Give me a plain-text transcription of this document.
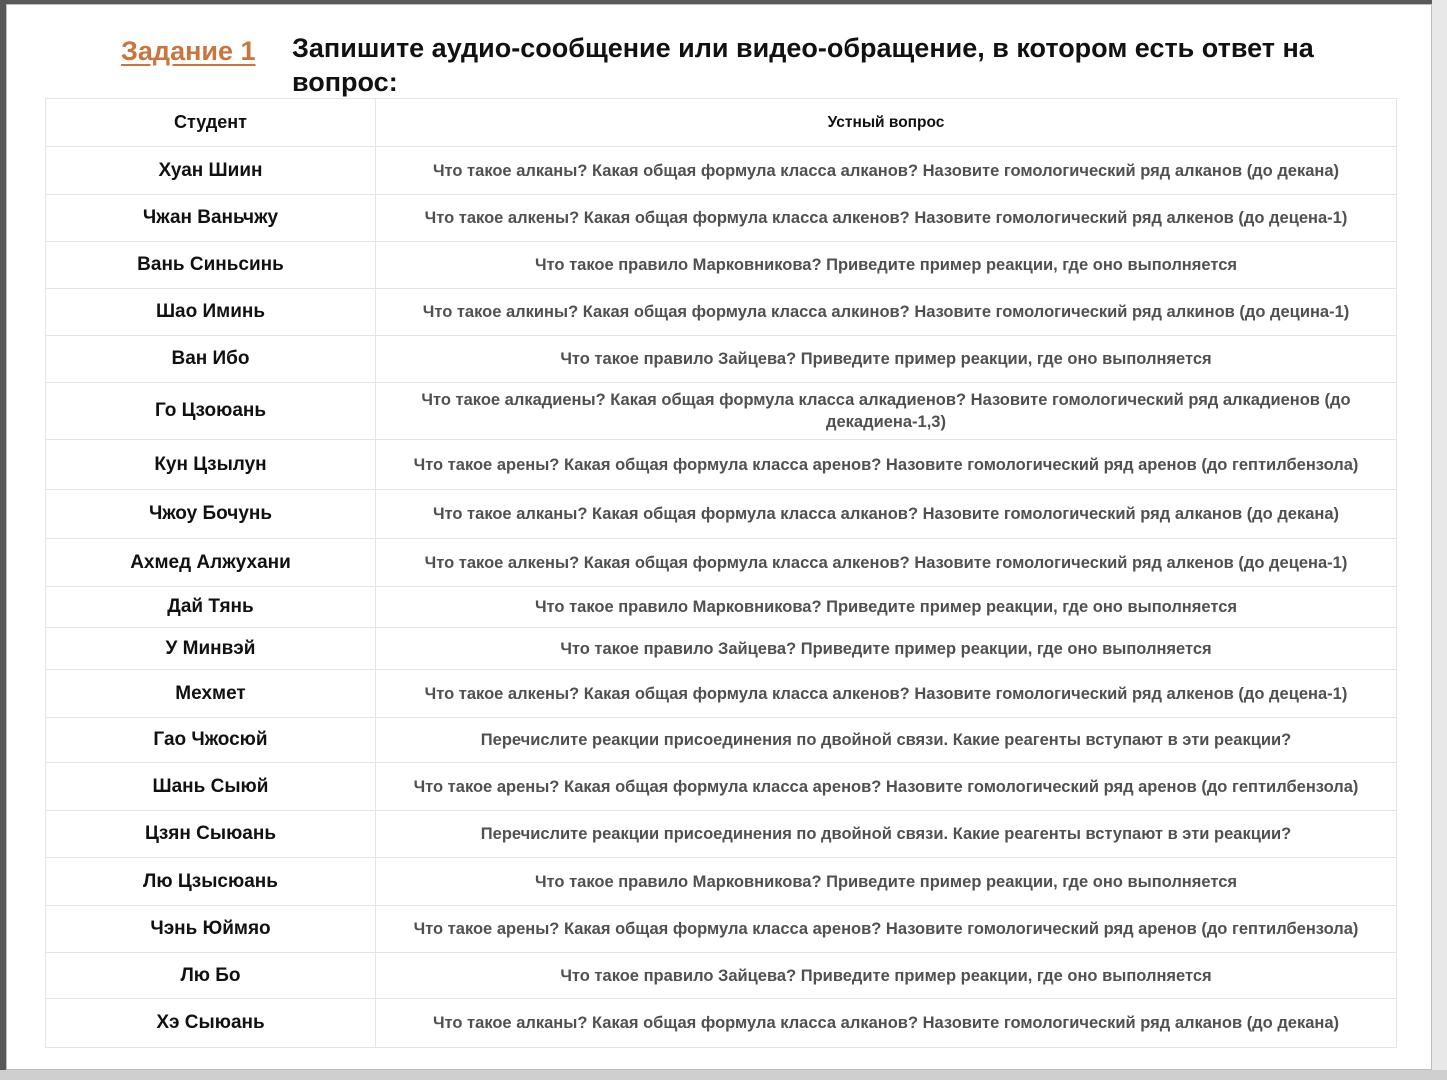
Задание 1	Запишите аудио-сообщение или видео-обращение, в котором есть ответ на вопрос:
Студент	Устный вопрос
Хуан Шиин	Что такое алканы? Какая общая формула класса алканов? Назовите гомологический ряд алканов (до декана)
Чжан Ваньчжу	Что такое алкены? Какая общая формула класса алкенов? Назовите гомологический ряд алкенов (до децена-1)
Вань Синьсинь	Что такое правило Марковникова? Приведите пример реакции, где оно выполняется
Шао Иминь	Что такое алкины? Какая общая формула класса алкинов? Назовите гомологический ряд алкинов (до децина-1)
Ван Ибо	Что такое правило Зайцева? Приведите пример реакции, где оно выполняется
Го Цзоюань	Что такое алкадиены? Какая общая формула класса алкадиенов? Назовите гомологический ряд алкадиенов (до декадиена-1,3)
Кун Цзылун	Что такое арены? Какая общая формула класса аренов? Назовите гомологический ряд аренов (до гептилбензола)
Чжоу Бочунь	Что такое алканы? Какая общая формула класса алканов? Назовите гомологический ряд алканов (до декана)
Ахмед Алжухани	Что такое алкены? Какая общая формула класса алкенов? Назовите гомологический ряд алкенов (до децена-1)
Дай Тянь	Что такое правило Марковникова? Приведите пример реакции, где оно выполняется
У Минвэй	Что такое правило Зайцева? Приведите пример реакции, где оно выполняется
Мехмет	Что такое алкены? Какая общая формула класса алкенов? Назовите гомологический ряд алкенов (до децена-1)
Гао Чжосюй	Перечислите реакции присоединения по двойной связи. Какие реагенты вступают в эти реакции?
Шань Сыюй	Что такое арены? Какая общая формула класса аренов? Назовите гомологический ряд аренов (до гептилбензола)
Цзян Сыюань	Перечислите реакции присоединения по двойной связи. Какие реагенты вступают в эти реакции?
Лю Цзысюань	Что такое правило Марковникова? Приведите пример реакции, где оно выполняется
Чэнь Юймяо	Что такое арены? Какая общая формула класса аренов? Назовите гомологический ряд аренов (до гептилбензола)
Лю Бо	Что такое правило Зайцева? Приведите пример реакции, где оно выполняется
Хэ Сыюань	Что такое алканы? Какая общая формула класса алканов? Назовите гомологический ряд алканов (до декана)
